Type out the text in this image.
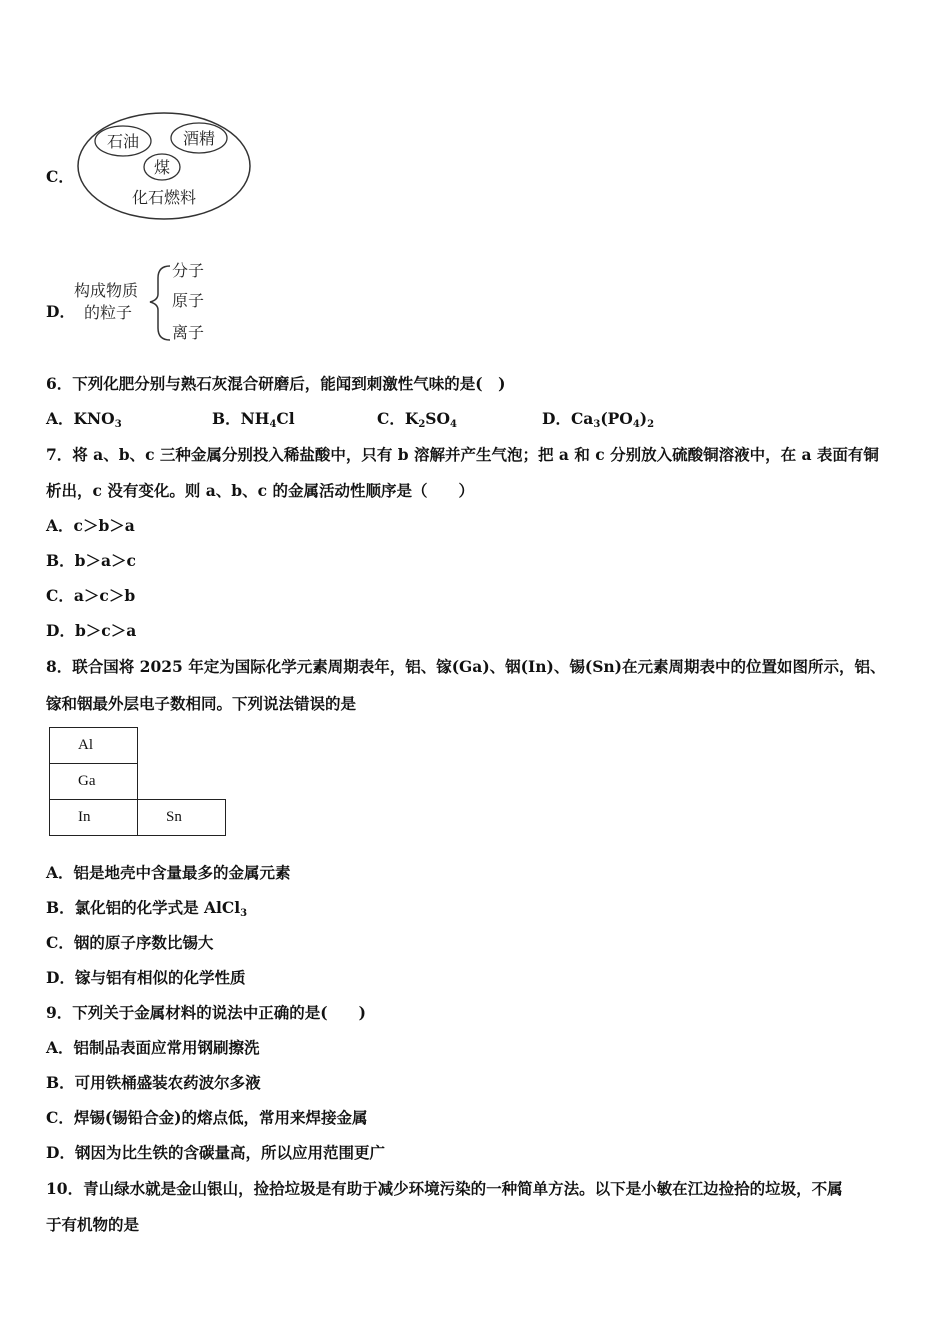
C．
石油	酒精
煤
化石燃料
D．
构成物质
的粒子
分子
原子
离子
6．下列化肥分别与熟石灰混合研磨后，能闻到刺激性气味的是(　)
A．$KNO_3$	B．$NH_4Cl$	C．$K_2SO_4$	D．$Ca_3(PO_4)_2$
7．将 a、b、c 三种金属分别投入稀盐酸中，只有 b 溶解并产生气泡；把 a 和 c 分别放入硫酸铜溶液中，在 a 表面有铜
析出，c 没有变化。则 a、b、c 的金属活动性顺序是（　　）
A．c＞b＞a
B．b＞a＞c
C．a＞c＞b
D．b＞c＞a
8．联合国将 2025 年定为国际化学元素周期表年，铝、镓(Ga)、铟(In)、锡(Sn)在元素周期表中的位置如图所示，铝、
镓和铟最外层电子数相同。下列说法错误的是
Al	
Ga	
In	Sn
A．铝是地壳中含量最多的金属元素
B．氯化铝的化学式是 AlCl$_3$
C．铟的原子序数比锡大
D．镓与铝有相似的化学性质
9．下列关于金属材料的说法中正确的是(　　)
A．铝制品表面应常用钢刷擦洗
B．可用铁桶盛装农药波尔多液
C．焊锡(锡铅合金)的熔点低，常用来焊接金属
D．钢因为比生铁的含碳量高，所以应用范围更广
10．青山绿水就是金山银山，捡拾垃圾是有助于减少环境污染的一种简单方法。以下是小敏在江边捡拾的垃圾，不属
于有机物的是
